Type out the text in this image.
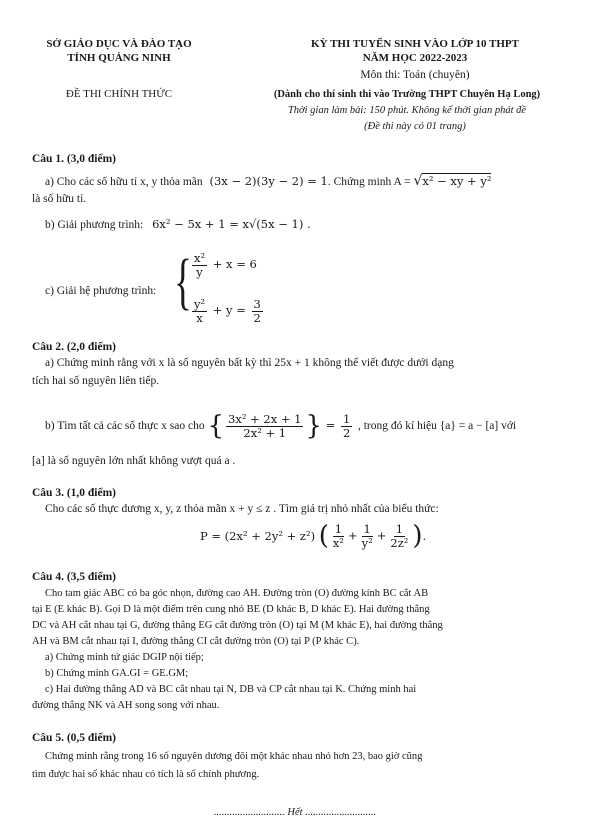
SỞ GIÁO DỤC VÀ ĐÀO TẠO
TỈNH QUẢNG NINH
ĐỀ THI CHÍNH THỨC
KỲ THI TUYỂN SINH VÀO LỚP 10 THPT
NĂM HỌC 2022-2023
Môn thi: Toán (chuyên)
(Dành cho thí sinh thi vào Trường THPT Chuyên Hạ Long)
Thời gian làm bài: 150 phút. Không kể thời gian phát đề
(Đề thi này có 01 trang)
Câu 1. (3,0 điểm)
a) Cho các số hữu tỉ x, y thỏa mãn (3x − 2)(3y − 2) = 1. Chứng minh A = √x² − xy + y²
là số hữu tỉ.
b) Giải phương trình: 6x² − 5x + 1 = x√(5x − 1) .
c) Giải hệ phương trình: { $\frac{\text{x²}}{y} + x = 6$
$\frac{\text{y²}}{x} + y = \frac{3}{2}$
Câu 2. (2,0 điểm)
a) Chứng minh rằng với x là số nguyên bất kỳ thì 25x + 1 không thể viết được dưới dạng
tích hai số nguyên liên tiếp.
b) Tìm tất cả các số thực x sao cho { $\frac{\text{3x² + 2x + 1}}{\text{2x² + 1}}$ } = $\frac{1}{2}$ , trong đó kí hiệu {a} = a − [a] với
[a] là số nguyên lớn nhất không vượt quá a .
Câu 3. (1,0 điểm)
Cho các số thực dương x, y, z thỏa mãn x + y ≤ z . Tìm giá trị nhỏ nhất của biểu thức:
P = (2x² + 2y² + z²) ( $\frac{1}{\text{x²}} + \frac{1}{\text{y²}} + \frac{1}{\text{2z²}}$ ).
Câu 4. (3,5 điểm)
Cho tam giác ABC có ba góc nhọn, đường cao AH. Đường tròn (O) đường kính BC cắt AB
tại E (E khác B). Gọi D là một điểm trên cung nhỏ BE (D khác B, D khác E). Hai đường thẳng
DC và AH cắt nhau tại G, đường thẳng EG cắt đường tròn (O) tại M (M khác E), hai đường thẳng
AH và BM cắt nhau tại I, đường thẳng CI cắt đường tròn (O) tại P (P khác C).
a) Chứng minh tứ giác DGIP nội tiếp;
b) Chứng minh GA.GI = GE.GM;
c) Hai đường thẳng AD và BC cắt nhau tại N, DB và CP cắt nhau tại K. Chứng minh hai
đường thẳng NK và AH song song với nhau.
Câu 5. (0,5 điểm)
Chứng minh rằng trong 16 số nguyên dương đôi một khác nhau nhỏ hơn 23, bao giờ cũng
tìm được hai số khác nhau có tích là số chính phương.
........................... Hết ...........................
